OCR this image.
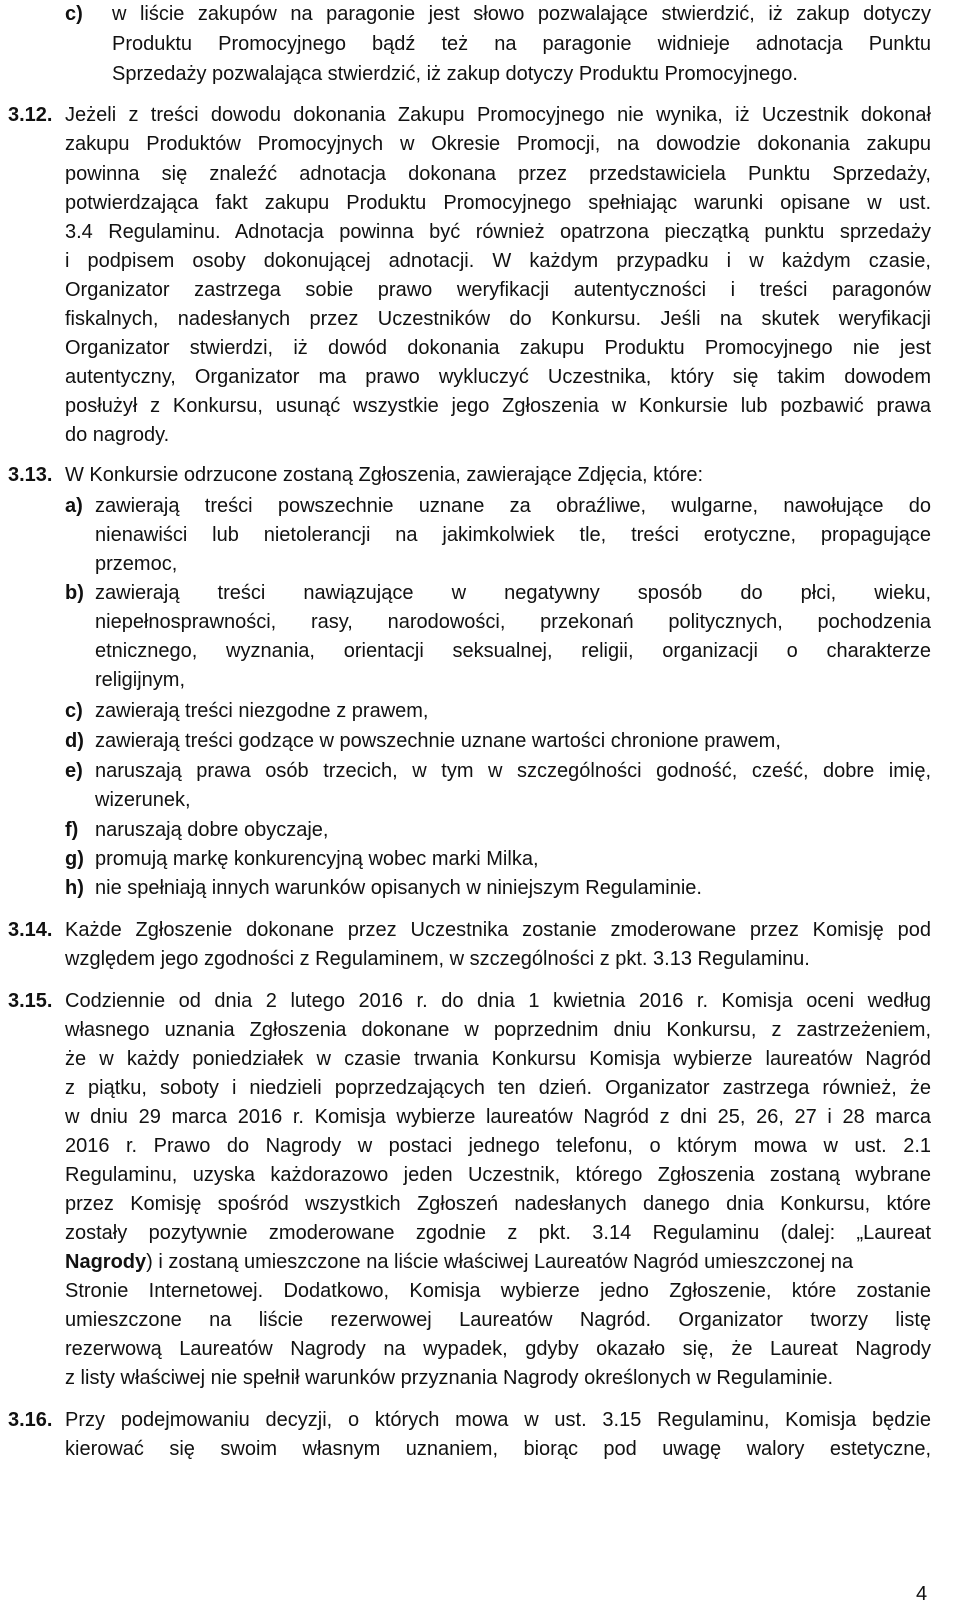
c) w liście zakupów na paragonie jest słowo pozwalające stwierdzić, iż zakup dotyczy
Produktu Promocyjnego bądź też na paragonie widnieje adnotacja Punktu
Sprzedaży pozwalająca stwierdzić, iż zakup dotyczy Produktu Promocyjnego.
3.12. Jeżeli z treści dowodu dokonania Zakupu Promocyjnego nie wynika, iż Uczestnik dokonał
zakupu Produktów Promocyjnych w Okresie Promocji, na dowodzie dokonania zakupu
powinna się znaleźć adnotacja dokonana przez przedstawiciela Punktu Sprzedaży,
potwierdzająca fakt zakupu Produktu Promocyjnego spełniając warunki opisane w ust.
3.4 Regulaminu. Adnotacja powinna być również opatrzona pieczątką punktu sprzedaży
i podpisem osoby dokonującej adnotacji. W każdym przypadku i w każdym czasie,
Organizator zastrzega sobie prawo weryfikacji autentyczności i treści paragonów
fiskalnych, nadesłanych przez Uczestników do Konkursu. Jeśli na skutek weryfikacji
Organizator stwierdzi, iż dowód dokonania zakupu Produktu Promocyjnego nie jest
autentyczny, Organizator ma prawo wykluczyć Uczestnika, który się takim dowodem
posłużył z Konkursu, usunąć wszystkie jego Zgłoszenia w Konkursie lub pozbawić prawa
do nagrody.
3.13. W Konkursie odrzucone zostaną Zgłoszenia, zawierające Zdjęcia, które:
a) zawierają treści powszechnie uznane za obraźliwe, wulgarne, nawołujące do
nienawiści lub nietolerancji na jakimkolwiek tle, treści erotyczne, propagujące
przemoc,
b) zawierają treści nawiązujące w negatywny sposób do płci, wieku,
niepełnosprawności, rasy, narodowości, przekonań politycznych, pochodzenia
etnicznego, wyznania, orientacji seksualnej, religii, organizacji o charakterze
religijnym,
c) zawierają treści niezgodne z prawem,
d) zawierają treści godzące w powszechnie uznane wartości chronione prawem,
e) naruszają prawa osób trzecich, w tym w szczególności godność, cześć, dobre imię,
wizerunek,
f) naruszają dobre obyczaje,
g) promują markę konkurencyjną wobec marki Milka,
h) nie spełniają innych warunków opisanych w niniejszym Regulaminie.
3.14. Każde Zgłoszenie dokonane przez Uczestnika zostanie zmoderowane przez Komisję pod
względem jego zgodności z Regulaminem, w szczególności z pkt. 3.13 Regulaminu.
3.15. Codziennie od dnia 2 lutego 2016 r. do dnia 1 kwietnia 2016 r. Komisja oceni według
własnego uznania Zgłoszenia dokonane w poprzednim dniu Konkursu, z zastrzeżeniem,
że w każdy poniedziałek w czasie trwania Konkursu Komisja wybierze laureatów Nagród
z piątku, soboty i niedzieli poprzedzających ten dzień. Organizator zastrzega również, że
w dniu 29 marca 2016 r. Komisja wybierze laureatów Nagród z dni 25, 26, 27 i 28 marca
2016 r. Prawo do Nagrody w postaci jednego telefonu, o którym mowa w ust. 2.1
Regulaminu, uzyska każdorazowo jeden Uczestnik, którego Zgłoszenia zostaną wybrane
przez Komisję spośród wszystkich Zgłoszeń nadesłanych danego dnia Konkursu, które
zostały pozytywnie zmoderowane zgodnie z pkt. 3.14 Regulaminu (dalej: „Laureat
Nagrody) i zostaną umieszczone na liście właściwej Laureatów Nagród umieszczonej na
Stronie Internetowej. Dodatkowo, Komisja wybierze jedno Zgłoszenie, które zostanie
umieszczone na liście rezerwowej Laureatów Nagród. Organizator tworzy listę
rezerwową Laureatów Nagrody na wypadek, gdyby okazało się, że Laureat Nagrody
z listy właściwej nie spełnił warunków przyznania Nagrody określonych w Regulaminie.
3.16. Przy podejmowaniu decyzji, o których mowa w ust. 3.15 Regulaminu, Komisja będzie
kierować się swoim własnym uznaniem, biorąc pod uwagę walory estetyczne,
4
